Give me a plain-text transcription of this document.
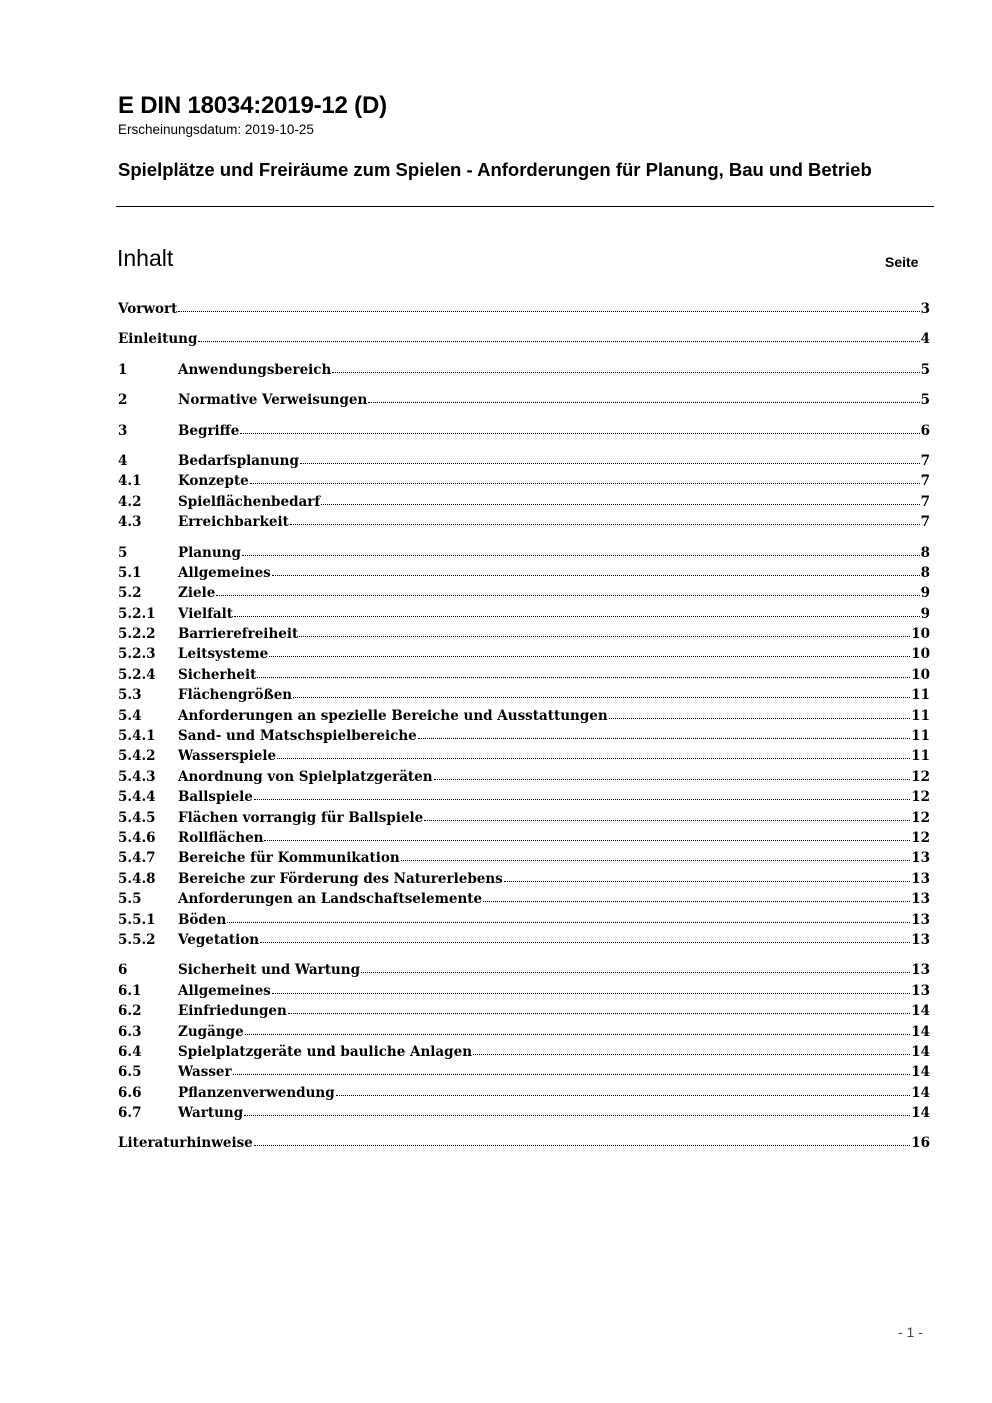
E DIN 18034:2019-12 (D)
Erscheinungsdatum: 2019-10-25
Spielplätze und Freiräume zum Spielen - Anforderungen für Planung, Bau und Betrieb
Inhalt	Seite
Vorwort	3
Einleitung	4
1	Anwendungsbereich	5
2	Normative Verweisungen	5
3	Begriffe	6
4	Bedarfsplanung	7
4.1	Konzepte	7
4.2	Spielflächenbedarf	7
4.3	Erreichbarkeit	7
5	Planung	8
5.1	Allgemeines	8
5.2	Ziele	9
5.2.1	Vielfalt	9
5.2.2	Barrierefreiheit	10
5.2.3	Leitsysteme	10
5.2.4	Sicherheit	10
5.3	Flächengrößen	11
5.4	Anforderungen an spezielle Bereiche und Ausstattungen	11
5.4.1	Sand- und Matschspielbereiche	11
5.4.2	Wasserspiele	11
5.4.3	Anordnung von Spielplatzgeräten	12
5.4.4	Ballspiele	12
5.4.5	Flächen vorrangig für Ballspiele	12
5.4.6	Rollflächen	12
5.4.7	Bereiche für Kommunikation	13
5.4.8	Bereiche zur Förderung des Naturerlebens	13
5.5	Anforderungen an Landschaftselemente	13
5.5.1	Böden	13
5.5.2	Vegetation	13
6	Sicherheit und Wartung	13
6.1	Allgemeines	13
6.2	Einfriedungen	14
6.3	Zugänge	14
6.4	Spielplatzgeräte und bauliche Anlagen	14
6.5	Wasser	14
6.6	Pflanzenverwendung	14
6.7	Wartung	14
Literaturhinweise	16
- 1 -
